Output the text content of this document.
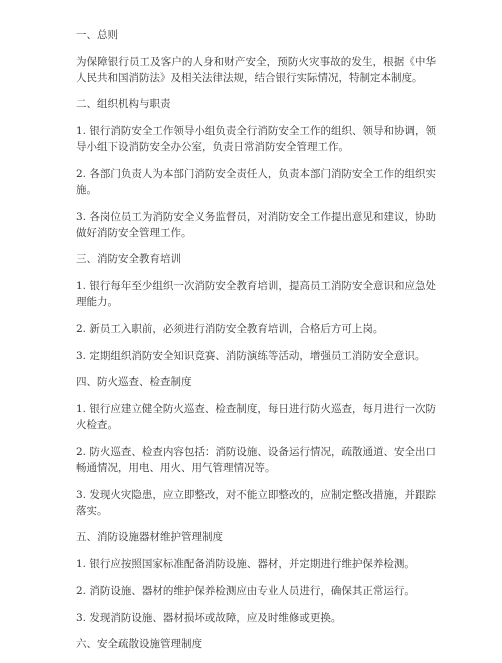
一、总则
为保障银行员工及客户的人身和财产安全，预防火灾事故的发生，根据《中华人民共和国消防法》及相关法律法规，结合银行实际情况，特制定本制度。
二、组织机构与职责
1. 银行消防安全工作领导小组负责全行消防安全工作的组织、领导和协调，领导小组下设消防安全办公室，负责日常消防安全管理工作。
2. 各部门负责人为本部门消防安全责任人，负责本部门消防安全工作的组织实施。
3. 各岗位员工为消防安全义务监督员，对消防安全工作提出意见和建议，协助做好消防安全管理工作。
三、消防安全教育培训
1. 银行每年至少组织一次消防安全教育培训，提高员工消防安全意识和应急处理能力。
2. 新员工入职前，必须进行消防安全教育培训，合格后方可上岗。
3. 定期组织消防安全知识竞赛、消防演练等活动，增强员工消防安全意识。
四、防火巡查、检查制度
1. 银行应建立健全防火巡查、检查制度，每日进行防火巡查，每月进行一次防火检查。
2. 防火巡查、检查内容包括：消防设施、设备运行情况，疏散通道、安全出口畅通情况，用电、用火、用气管理情况等。
3. 发现火灾隐患，应立即整改，对不能立即整改的，应制定整改措施，并跟踪落实。
五、消防设施器材维护管理制度
1. 银行应按照国家标准配备消防设施、器材，并定期进行维护保养检测。
2. 消防设施、器材的维护保养检测应由专业人员进行，确保其正常运行。
3. 发现消防设施、器材损坏或故障，应及时维修或更换。
六、安全疏散设施管理制度
